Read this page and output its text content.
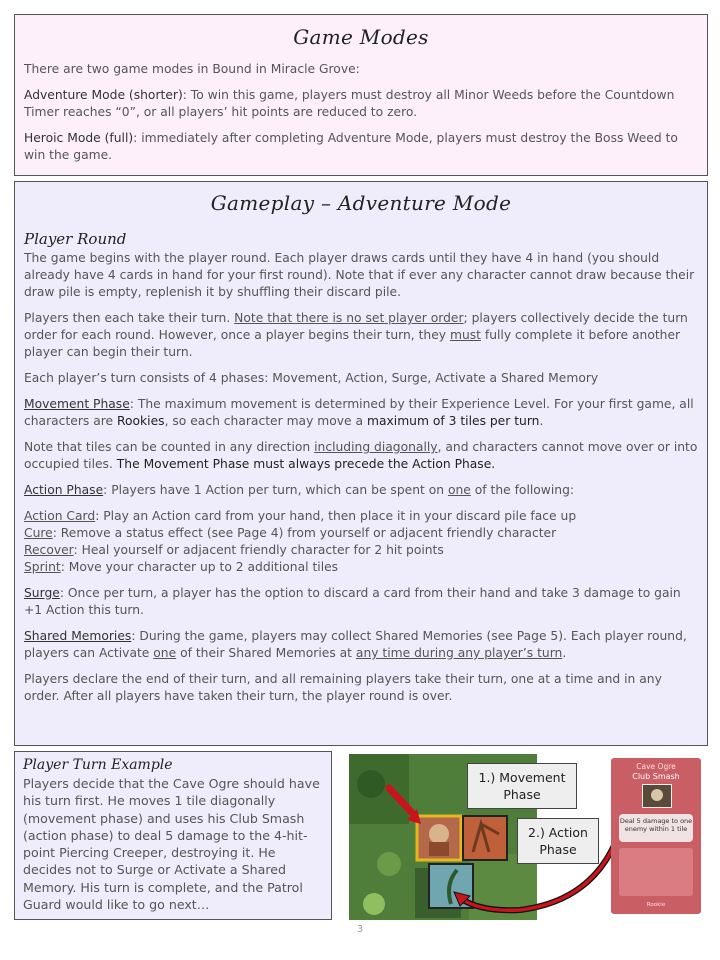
Game Modes

There are two game modes in Bound in Miracle Grove:

Adventure Mode (shorter): To win this game, players must destroy all Minor Weeds before the Countdown Timer reaches “0”, or all players’ hit points are reduced to zero.

Heroic Mode (full): immediately after completing Adventure Mode, players must destroy the Boss Weed to win the game.

Gameplay – Adventure Mode
Player Round

The game begins with the player round. Each player draws cards until they have 4 in hand (you should already have 4 cards in hand for your first round). Note that if ever any character cannot draw because their draw pile is empty, replenish it by shuffling their discard pile.

Players then each take their turn. Note that there is no set player order; players collectively decide the turn order for each round. However, once a player begins their turn, they must fully complete it before another player can begin their turn.

Each player’s turn consists of 4 phases: Movement, Action, Surge, Activate a Shared Memory

Movement Phase: The maximum movement is determined by their Experience Level. For your first game, all characters are Rookies, so each character may move a maximum of 3 tiles per turn.

Note that tiles can be counted in any direction including diagonally, and characters cannot move over or into occupied tiles. The Movement Phase must always precede the Action Phase.

Action Phase: Players have 1 Action per turn, which can be spent on one of the following:

Action Card: Play an Action card from your hand, then place it in your discard pile face up

Cure: Remove a status effect (see Page 4) from yourself or adjacent friendly character

Recover: Heal yourself or adjacent friendly character for 2 hit points

Sprint: Move your character up to 2 additional tiles

Surge: Once per turn, a player has the option to discard a card from their hand and take 3 damage to gain +1 Action this turn.

Shared Memories: During the game, players may collect Shared Memories (see Page 5). Each player round, players can Activate one of their Shared Memories at any time during any player’s turn.

Players declare the end of their turn, and all remaining players take their turn, one at a time and in any order. After all players have taken their turn, the player round is over.

Player Turn Example

Players decide that the Cave Ogre should have his turn first. He moves 1 tile diagonally (movement phase) and uses his Club Smash (action phase) to deal 5 damage to the 4-hit-point Piercing Creeper, destroying it. He decides not to Surge or Activate a Shared Memory. His turn is complete, and the Patrol Guard would like to go next…

1.) Movement
Phase
2.) Action
Phase
Cave Ogre
Club Smash
Deal 5 damage to one enemy within 1 tile
Rookie
3
